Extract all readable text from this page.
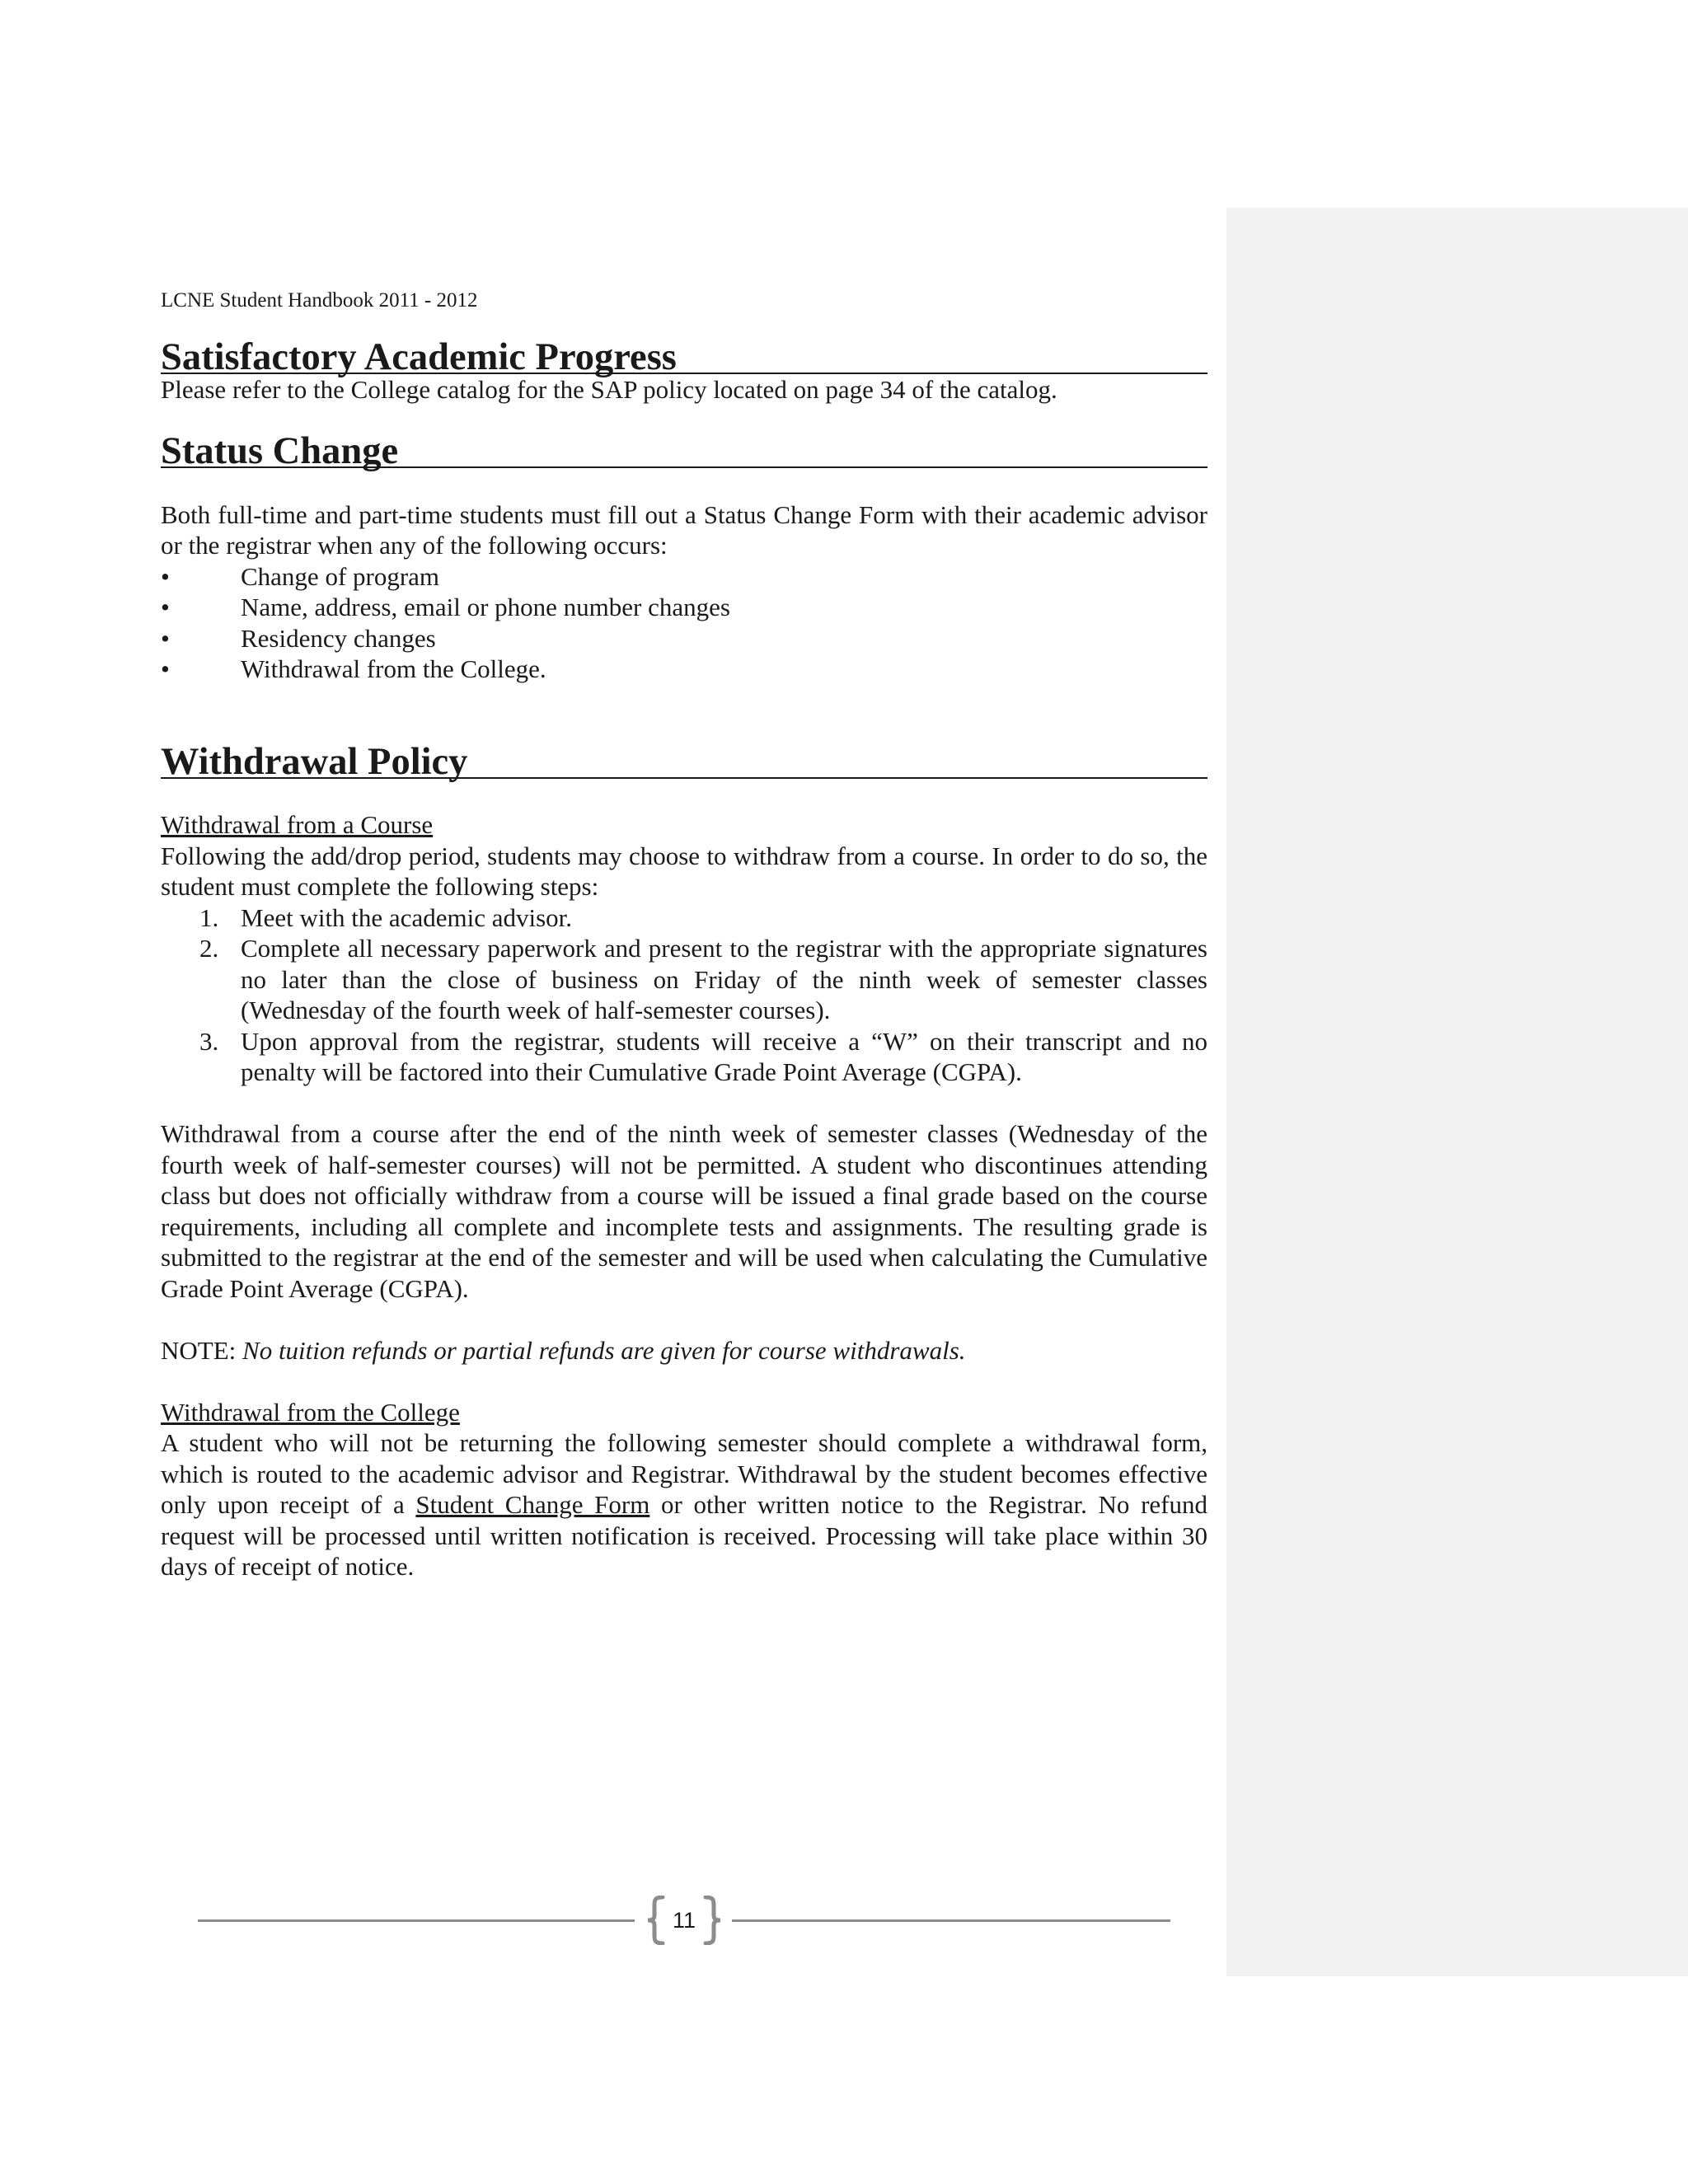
LCNE Student Handbook 2011 - 2012
Satisfactory Academic Progress

Please refer to the College catalog for the SAP policy located on page 34 of the catalog.

Status Change

Both full-time and part-time students must fill out a Status Change Form with their academic advisor or the registrar when any of the following occurs:

•	Change of program
•	Name, address, email or phone number changes
•	Residency changes
•	Withdrawal from the College.
Withdrawal Policy

Withdrawal from a Course

Following the add/drop period, students may choose to withdraw from a course. In order to do so, the student must complete the following steps:

1. Meet with the academic advisor.
2. Complete all necessary paperwork and present to the registrar with the appropriate signatures no later than the close of business on Friday of the ninth week of semester classes (Wednesday of the fourth week of half-semester courses).
3. Upon approval from the registrar, students will receive a “W” on their transcript and no penalty will be factored into their Cumulative Grade Point Average (CGPA).

Withdrawal from a course after the end of the ninth week of semester classes (Wednesday of the fourth week of half-semester courses) will not be permitted. A student who discontinues attending class but does not officially withdraw from a course will be issued a final grade based on the course requirements, including all complete and incomplete tests and assignments. The resulting grade is submitted to the registrar at the end of the semester and will be used when calculating the Cumulative Grade Point Average (CGPA).

NOTE: No tuition refunds or partial refunds are given for course withdrawals.

Withdrawal from the College

A student who will not be returning the following semester should complete a withdrawal form, which is routed to the academic advisor and Registrar. Withdrawal by the student becomes effective only upon receipt of a Student Change Form or other written notice to the Registrar. No refund request will be processed until written notification is received. Processing will take place within 30 days of receipt of notice.

11
